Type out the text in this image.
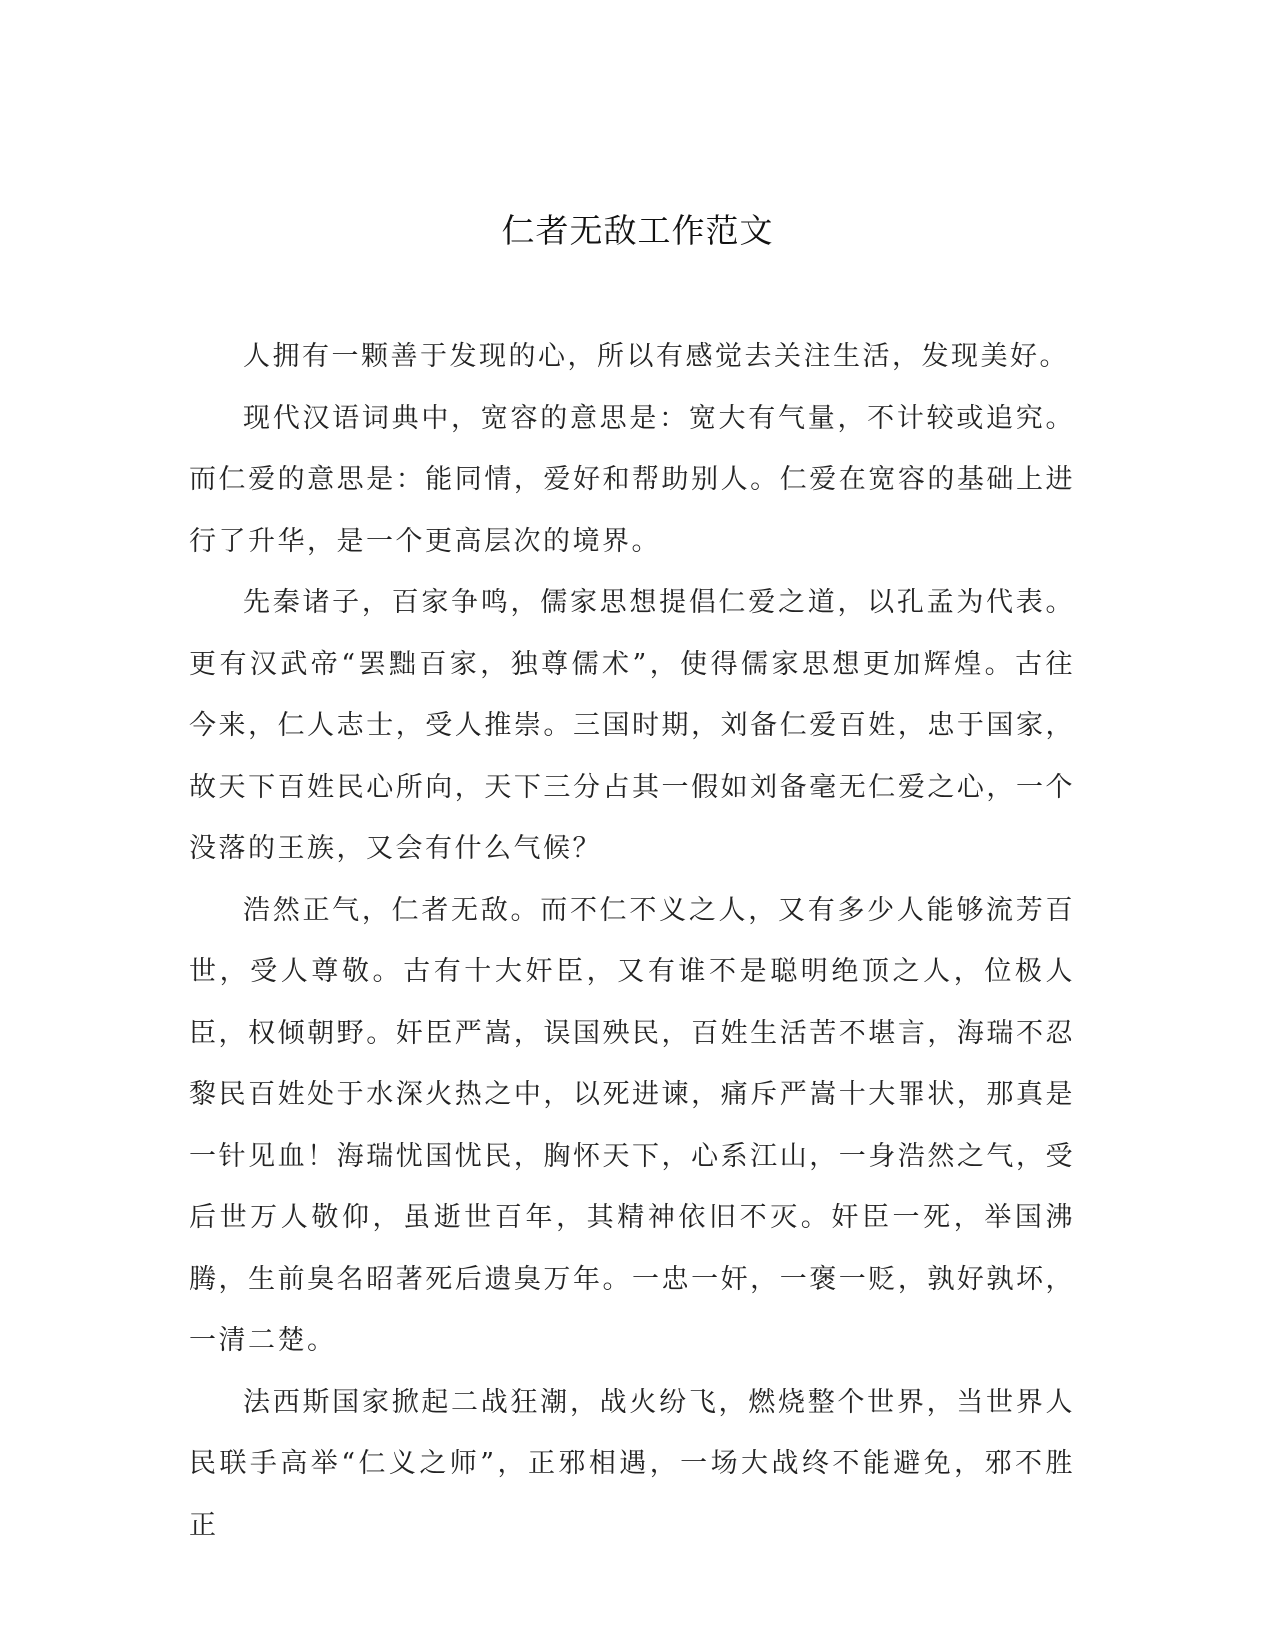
仁者无敌工作范文

人拥有一颗善于发现的心，所以有感觉去关注生活，发现美好。

现代汉语词典中，宽容的意思是：宽大有气量，不计较或追究。而仁爱的意思是：能同情，爱好和帮助别人。仁爱在宽容的基础上进行了升华，是一个更高层次的境界。

先秦诸子，百家争鸣，儒家思想提倡仁爱之道，以孔孟为代表。更有汉武帝“罢黜百家，独尊儒术”，使得儒家思想更加辉煌。古往今来，仁人志士，受人推崇。三国时期，刘备仁爱百姓，忠于国家，故天下百姓民心所向，天下三分占其一假如刘备毫无仁爱之心，一个没落的王族，又会有什么气候？

浩然正气，仁者无敌。而不仁不义之人，又有多少人能够流芳百世，受人尊敬。古有十大奸臣，又有谁不是聪明绝顶之人，位极人臣，权倾朝野。奸臣严嵩，误国殃民，百姓生活苦不堪言，海瑞不忍黎民百姓处于水深火热之中，以死进谏，痛斥严嵩十大罪状，那真是一针见血！海瑞忧国忧民，胸怀天下，心系江山，一身浩然之气，受后世万人敬仰，虽逝世百年，其精神依旧不灭。奸臣一死，举国沸腾，生前臭名昭著死后遗臭万年。一忠一奸，一褒一贬，孰好孰坏，一清二楚。

法西斯国家掀起二战狂潮，战火纷飞，燃烧整个世界，当世界人民联手高举“仁义之师”，正邪相遇，一场大战终不能避免，邪不胜正
